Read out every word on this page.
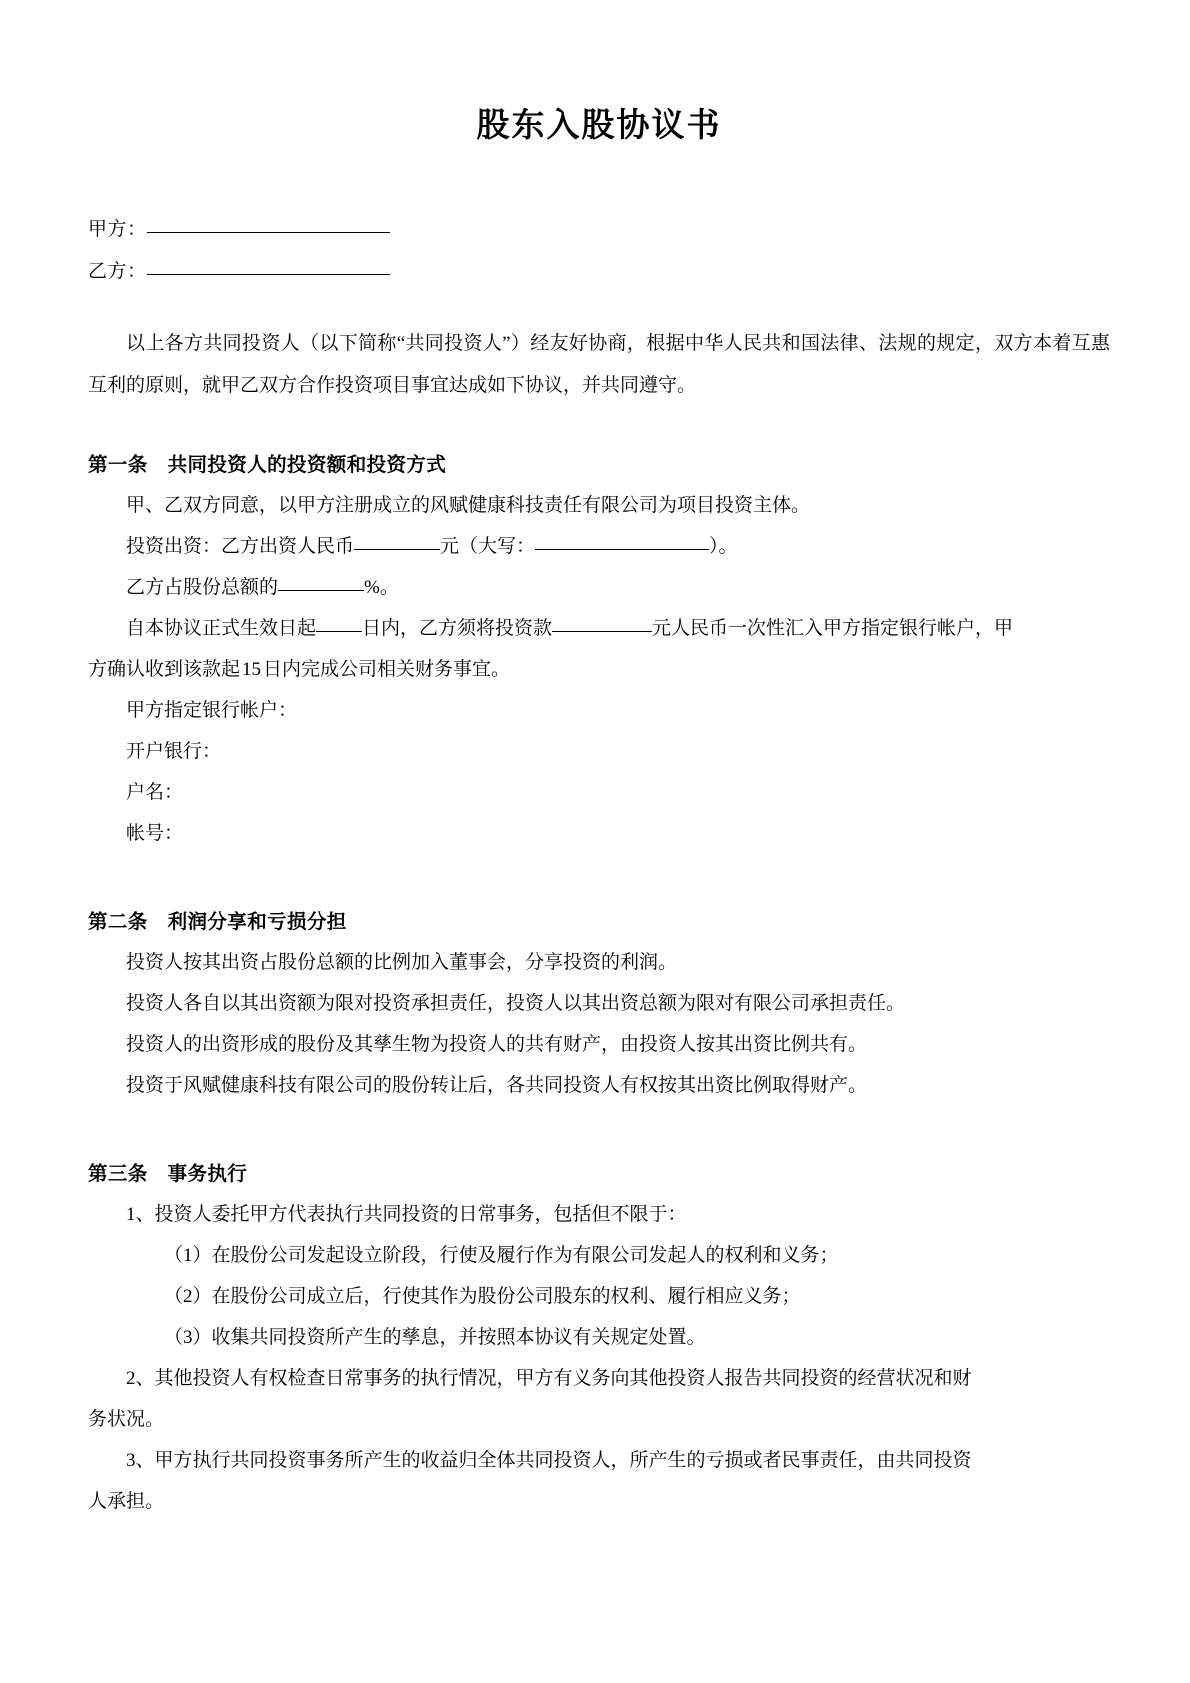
股东入股协议书
甲方：
乙方：

以上各方共同投资人（以下简称“共同投资人”）经友好协商，根据中华人民共和国法律、法规的规定，双方本着互惠互利的原则，就甲乙双方合作投资项目事宜达成如下协议，并共同遵守。

第一条　共同投资人的投资额和投资方式

甲、乙双方同意，以甲方注册成立的风赋健康科技责任有限公司为项目投资主体。

投资出资：乙方出资人民币	元（大写：	）。

乙方占股份总额的	%。

自本协议正式生效日起 日内，乙方须将投资款	元人民币一次性汇入甲方指定银行帐户，甲

方确认收到该款起 15 日内完成公司相关财务事宜。

甲方指定银行帐户：

开户银行：

户名：

帐号：

第二条　利润分享和亏损分担

投资人按其出资占股份总额的比例加入董事会，分享投资的利润。

投资人各自以其出资额为限对投资承担责任，投资人以其出资总额为限对有限公司承担责任。

投资人的出资形成的股份及其孳生物为投资人的共有财产，由投资人按其出资比例共有。

投资于风赋健康科技有限公司的股份转让后，各共同投资人有权按其出资比例取得财产。

第三条　事务执行

1、投资人委托甲方代表执行共同投资的日常事务，包括但不限于：

（1）在股份公司发起设立阶段，行使及履行作为有限公司发起人的权利和义务；

（2）在股份公司成立后，行使其作为股份公司股东的权利、履行相应义务；

（3）收集共同投资所产生的孳息，并按照本协议有关规定处置。

2、其他投资人有权检查日常事务的执行情况，甲方有义务向其他投资人报告共同投资的经营状况和财

务状况。

3、甲方执行共同投资事务所产生的收益归全体共同投资人，所产生的亏损或者民事责任，由共同投资

人承担。
